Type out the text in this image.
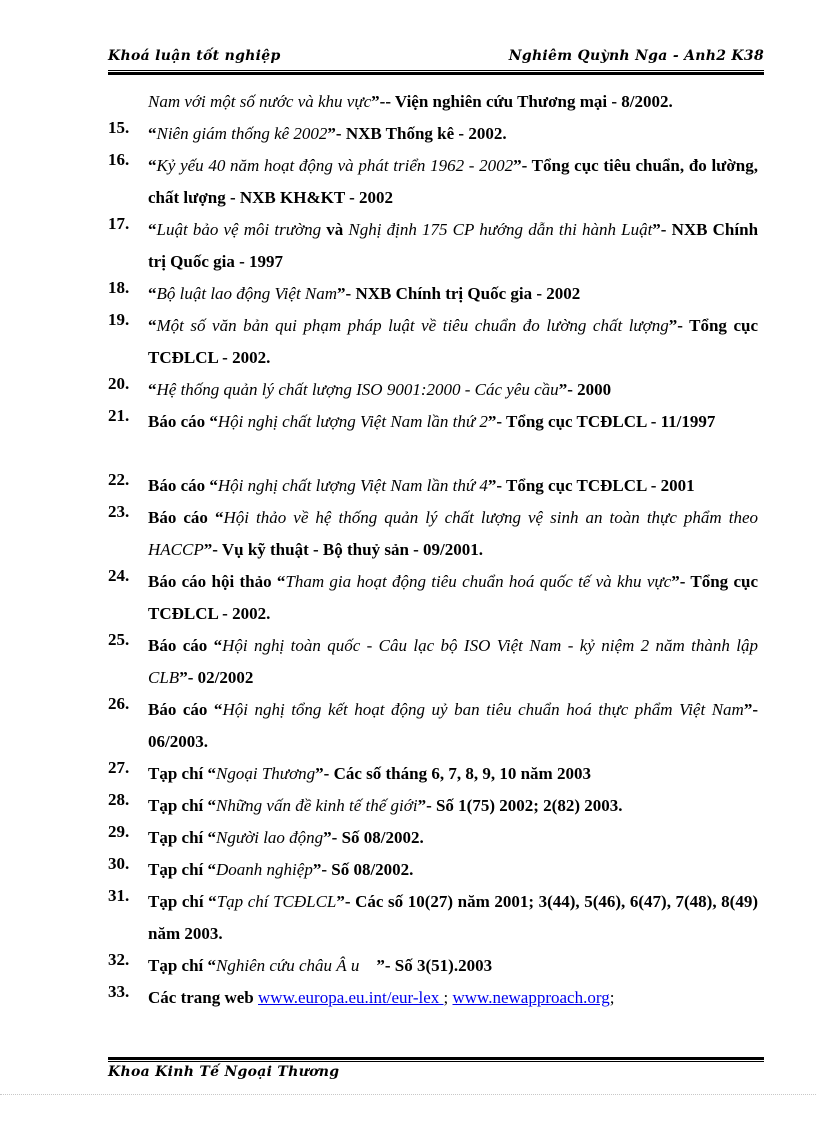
Khoá luận tốt nghiệp	Nghiêm Quỳnh Nga - Anh2 K38
Nam với một số nước và khu vực”-- Viện nghiên cứu Thương mại - 8/2002.
15. “Niên giám thống kê 2002”- NXB Thống kê - 2002.
16. “Kỷ yếu 40 năm hoạt động và phát triển 1962 - 2002”- Tổng cục tiêu chuẩn, đo lường, chất lượng - NXB KH&KT - 2002
17. “Luật bảo vệ môi trường và Nghị định 175 CP hướng dẫn thi hành Luật”- NXB Chính trị Quốc gia - 1997
18. “Bộ luật lao động Việt Nam”- NXB Chính trị Quốc gia - 2002
19. “Một số văn bản qui phạm pháp luật về tiêu chuẩn đo lường chất lượng”- Tổng cục TCĐLCL - 2002.
20. “Hệ thống quản lý chất lượng ISO 9001:2000 - Các yêu cầu”- 2000
21. Báo cáo “Hội nghị chất lượng Việt Nam lần thứ 2”- Tổng cục TCĐLCL - 11/1997
22. Báo cáo “Hội nghị chất lượng Việt Nam lần thứ 4”- Tổng cục TCĐLCL - 2001
23. Báo cáo “Hội thảo về hệ thống quản lý chất lượng vệ sinh an toàn thực phẩm theo HACCP”- Vụ kỹ thuật - Bộ thuỷ sản - 09/2001.
24. Báo cáo hội thảo “Tham gia hoạt động tiêu chuẩn hoá quốc tế và khu vực”- Tổng cục TCĐLCL - 2002.
25. Báo cáo “Hội nghị toàn quốc - Câu lạc bộ ISO Việt Nam - kỷ niệm 2 năm thành lập CLB”- 02/2002
26. Báo cáo “Hội nghị tổng kết hoạt động uỷ ban tiêu chuẩn hoá thực phẩm Việt Nam”- 06/2003.
27. Tạp chí “Ngoại Thương”- Các số tháng 6, 7, 8, 9, 10 năm 2003
28. Tạp chí “Những vấn đề kinh tế thế giới”- Số 1(75) 2002; 2(82) 2003.
29. Tạp chí “Người lao động”- Số 08/2002.
30. Tạp chí “Doanh nghiệp”- Số 08/2002.
31. Tạp chí “Tạp chí TCĐLCL”- Các số 10(27) năm 2001; 3(44), 5(46), 6(47), 7(48), 8(49) năm 2003.
32. Tạp chí “Nghiên cứu châu Â u    ”- Số 3(51).2003
33. Các trang web www.europa.eu.int/eur-lex ; www.newapproach.org;
Khoa Kinh Tế Ngoại Thương
